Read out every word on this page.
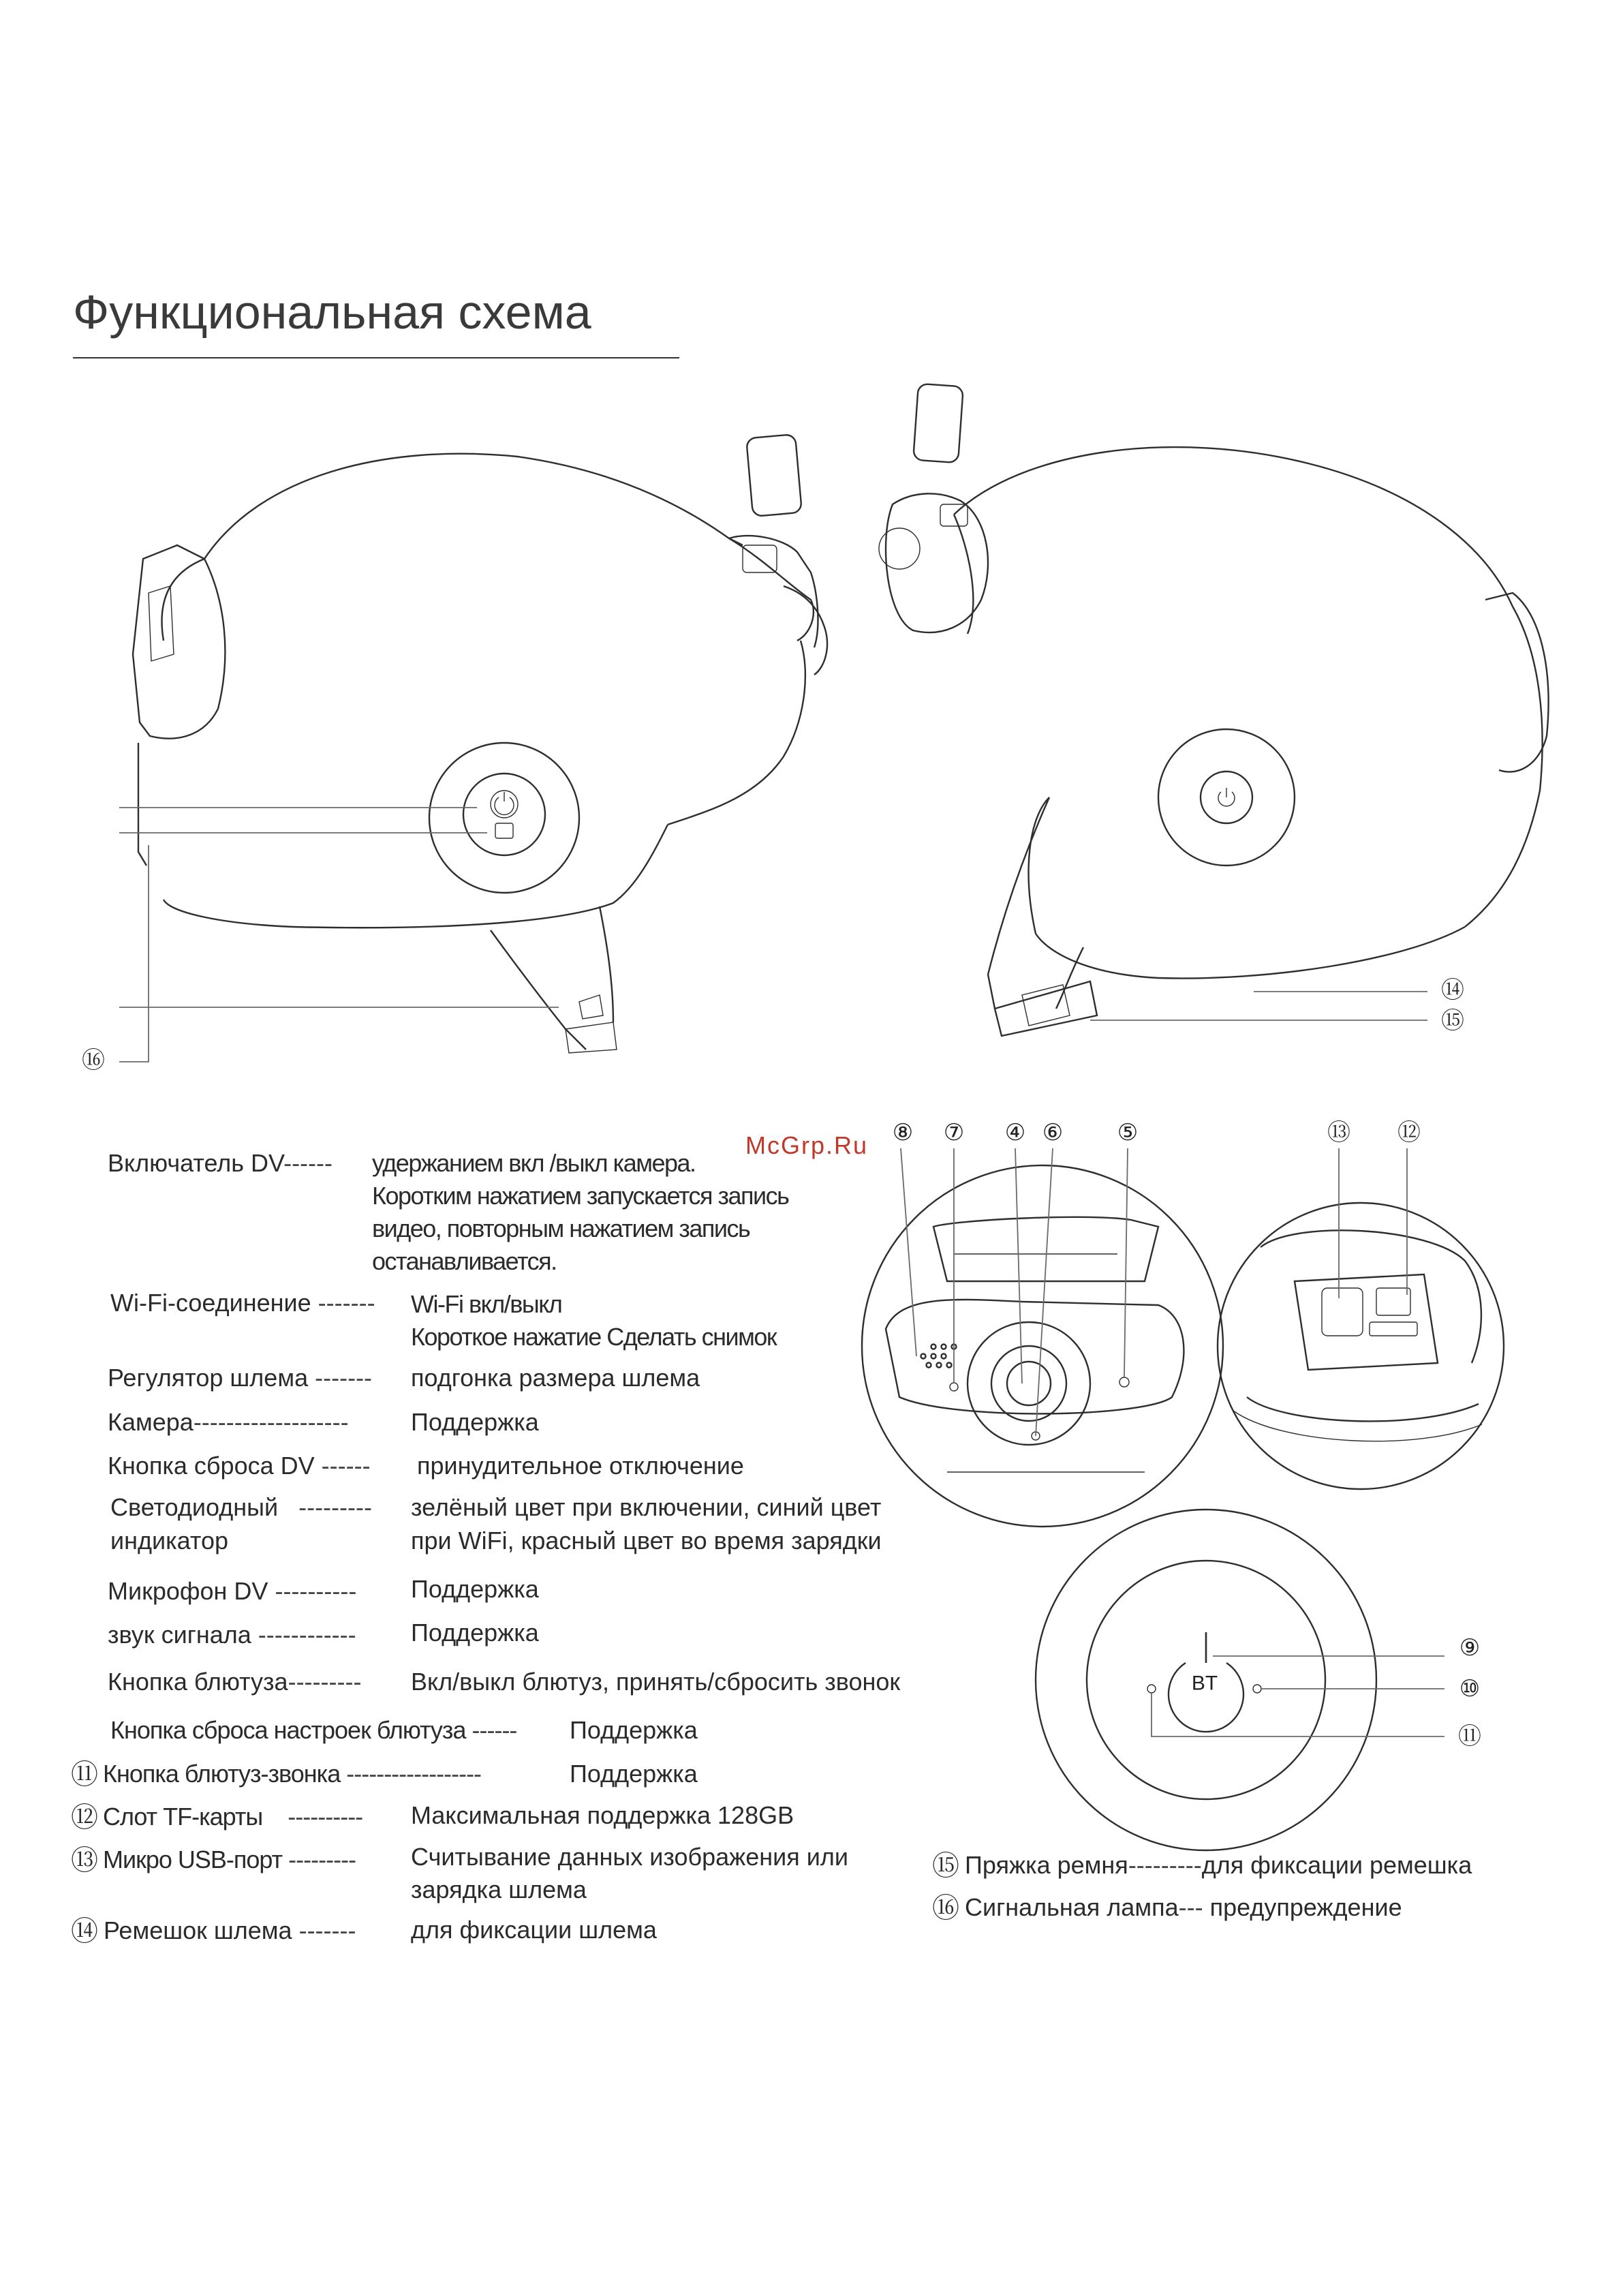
Функциональная схема
BT
⑯
⑭
⑮
⑧ ⑦ ④ ⑥ ⑤	⑬ ⑫
⑨
⑩
⑪
McGrp.Ru
Включатель DV------ удержанием вкл /выкл камера.
Коротким нажатием запускается запись
видео, повторным нажатием запись
останавливается.
Wi-Fi-соединение ------- Wi-Fi вкл/выкл
Короткое нажатие Сделать снимок
Регулятор шлема ------- подгонка размера шлема
Камера-------------------	Поддержка
Кнопка сброса DV ------ принудительное отключение
Светодиодный ---------
индикатор
зелёный цвет при включении, синий цвет
при WiFi, красный цвет во время зарядки
Микрофон DV ---------- Поддержка
звук сигнала ------------ Поддержка
Кнопка блютуза--------- Вкл/выкл блютуз, принять/сбросить звонок
Кнопка сброса настроек блютуза ------ Поддержка
⑪ Кнопка блютуз-звонка ------------------	Поддержка
⑫ Слот TF-карты ---------- Максимальная поддержка 128GB
⑬ Микро USB-порт --------- Считывание данных изображения или
зарядка шлема
⑭ Ремешок шлема ------- для фиксации шлема
⑮ Пряжка ремня---------для фиксации ремешка
⑯ Сигнальная лампа--- предупреждение
